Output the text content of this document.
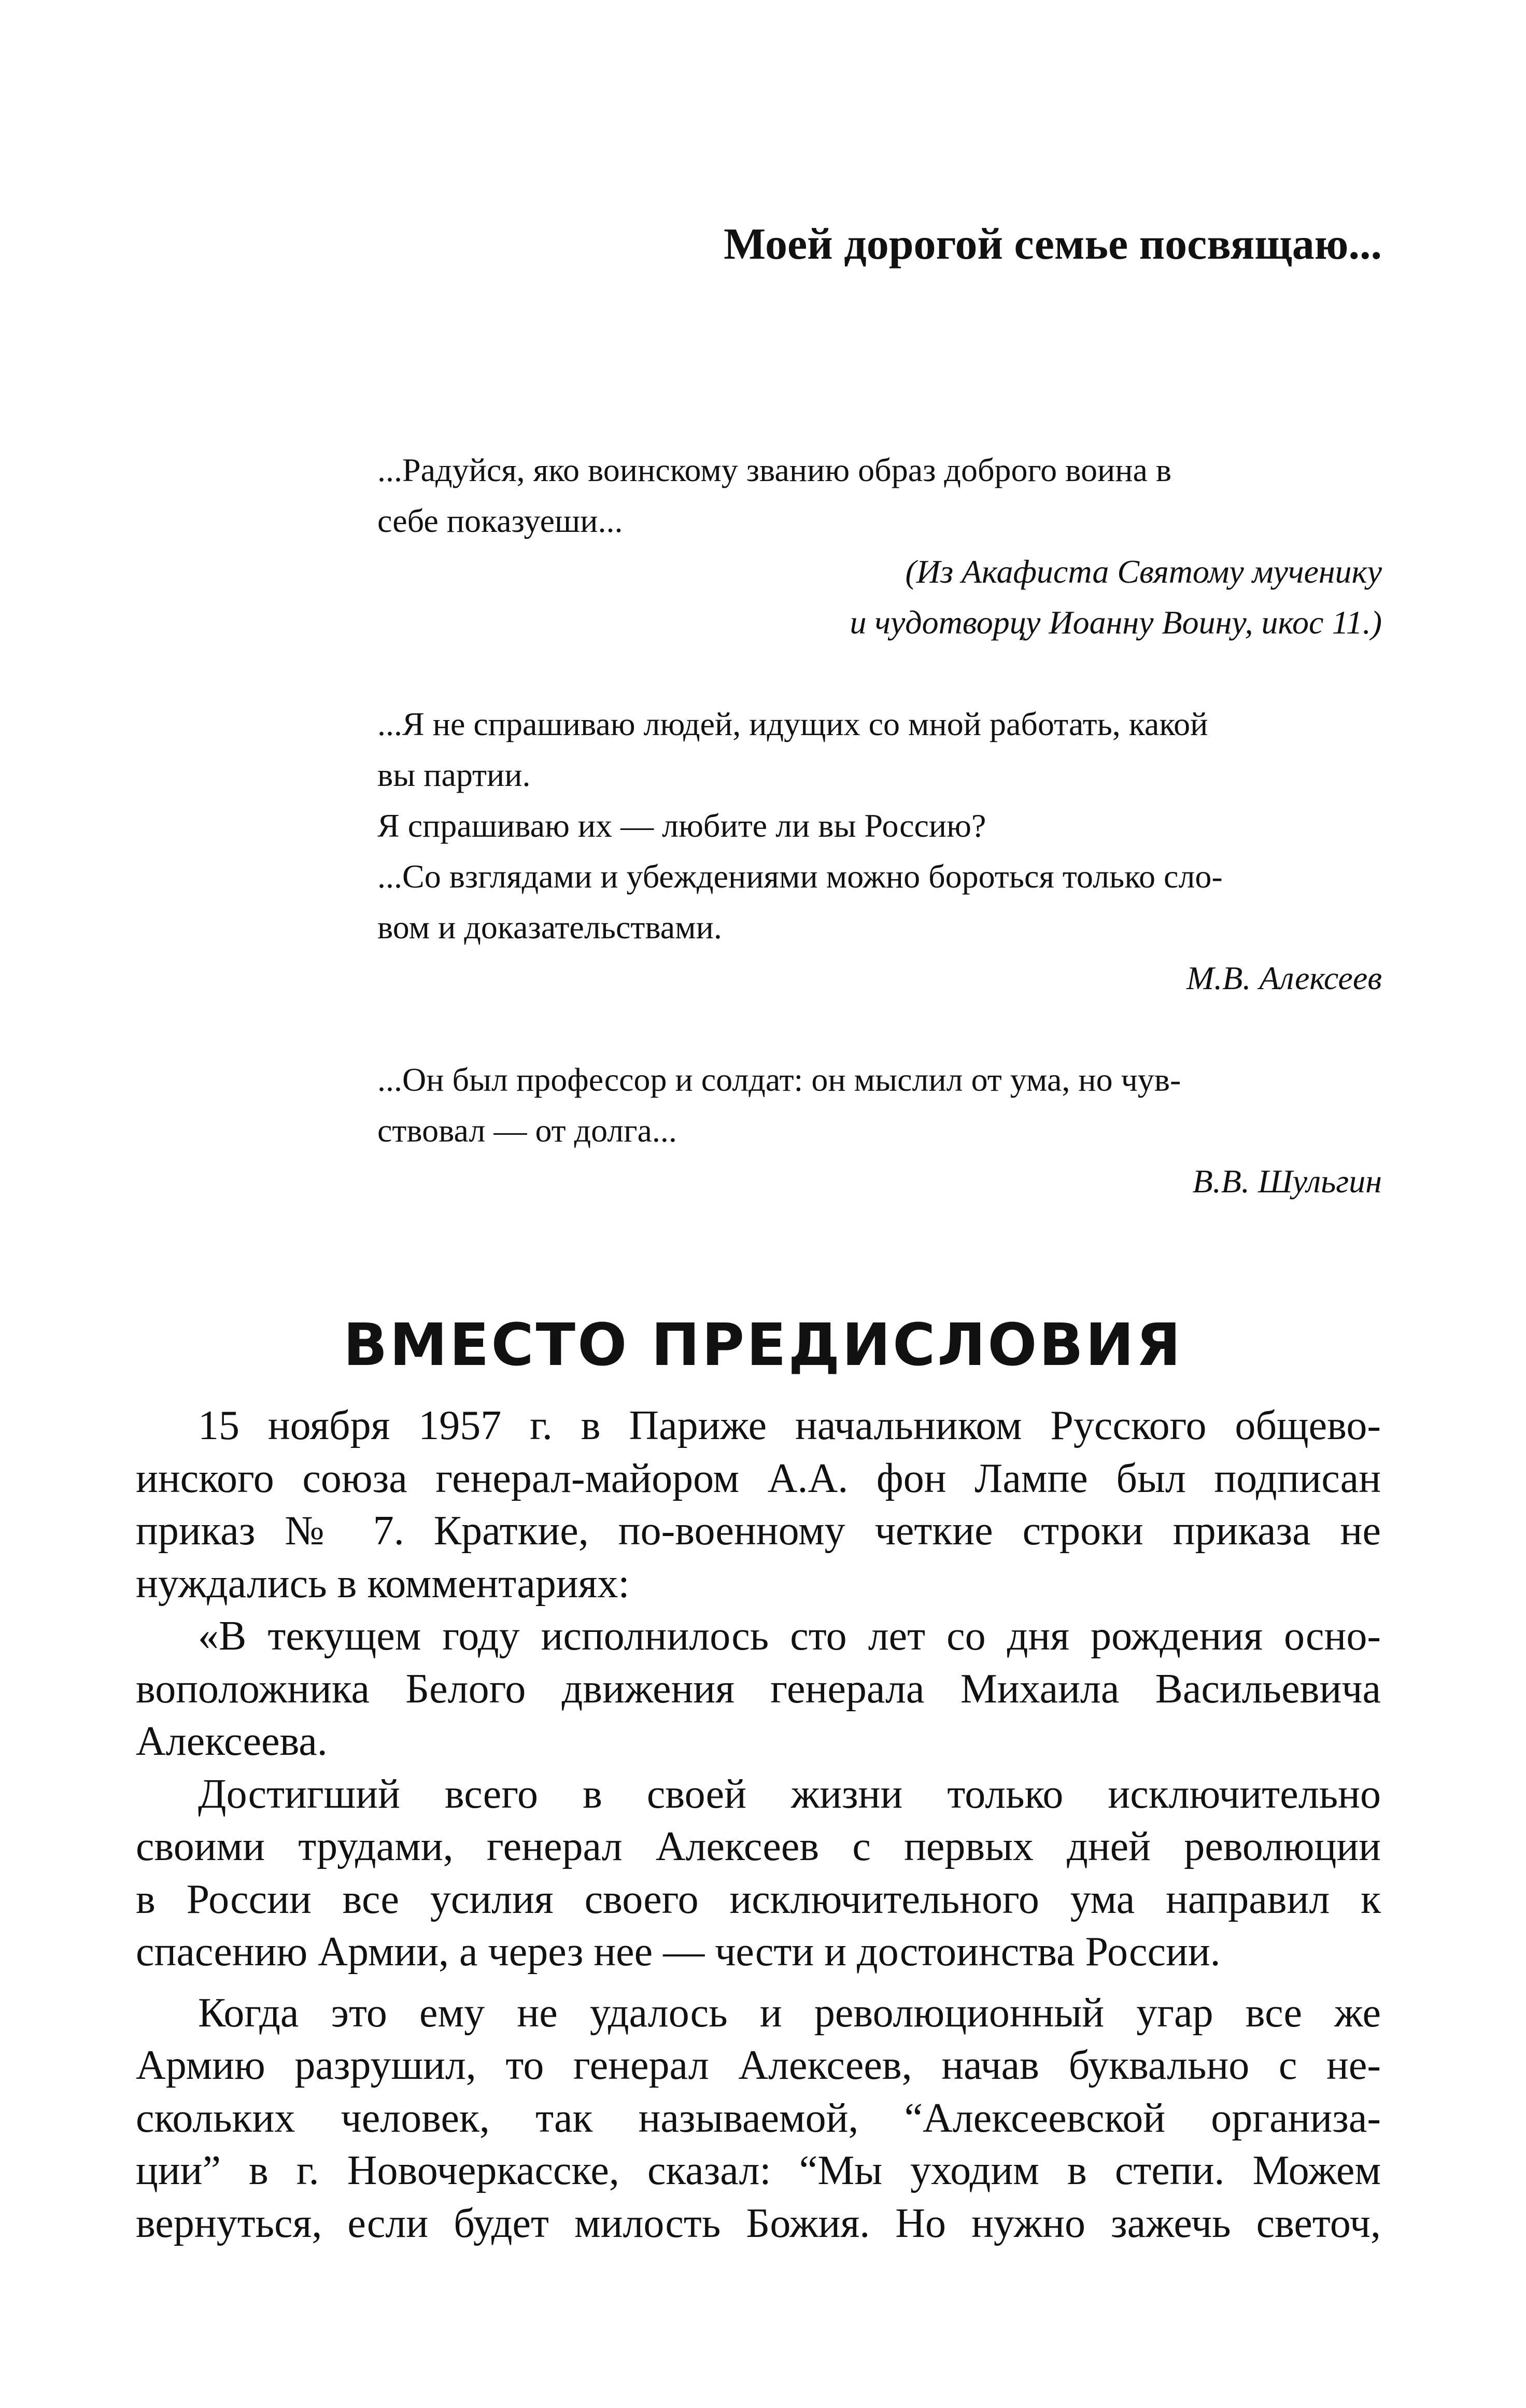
Моей дорогой семье посвящаю...
...Радуйся, яко воинскому званию образ доброго воина в
себе показуеши...
(Из Акафиста Святому мученику
и чудотворцу Иоанну Воину, икос 11.)
...Я не спрашиваю людей, идущих со мной работать, какой
вы партии.
Я спрашиваю их — любите ли вы Россию?
...Со взглядами и убеждениями можно бороться только сло-
вом и доказательствами.
М.В. Алексеев
...Он был профессор и солдат: он мыслил от ума, но чув-
ствовал — от долга...
В.В. Шульгин
ВМЕСТО ПРЕДИСЛОВИЯ
15 ноября 1957 г. в Париже начальником Русского общево-
инского союза генерал-майором А.А. фон Лампе был подписан
приказ № 7. Краткие, по-военному четкие строки приказа не
нуждались в комментариях:
«В текущем году исполнилось сто лет со дня рождения осно-
воположника Белого движения генерала Михаила Васильевича
Алексеева.
Достигший всего в своей жизни только исключительно
своими трудами, генерал Алексеев с первых дней революции
в России все усилия своего исключительного ума направил к
спасению Армии, а через нее — чести и достоинства России.
Когда это ему не удалось и революционный угар все же
Армию разрушил, то генерал Алексеев, начав буквально с не-
скольких человек, так называемой, “Алексеевской организа-
ции” в г. Новочеркасске, сказал: “Мы уходим в степи. Можем
вернуться, если будет милость Божия. Но нужно зажечь светоч,
